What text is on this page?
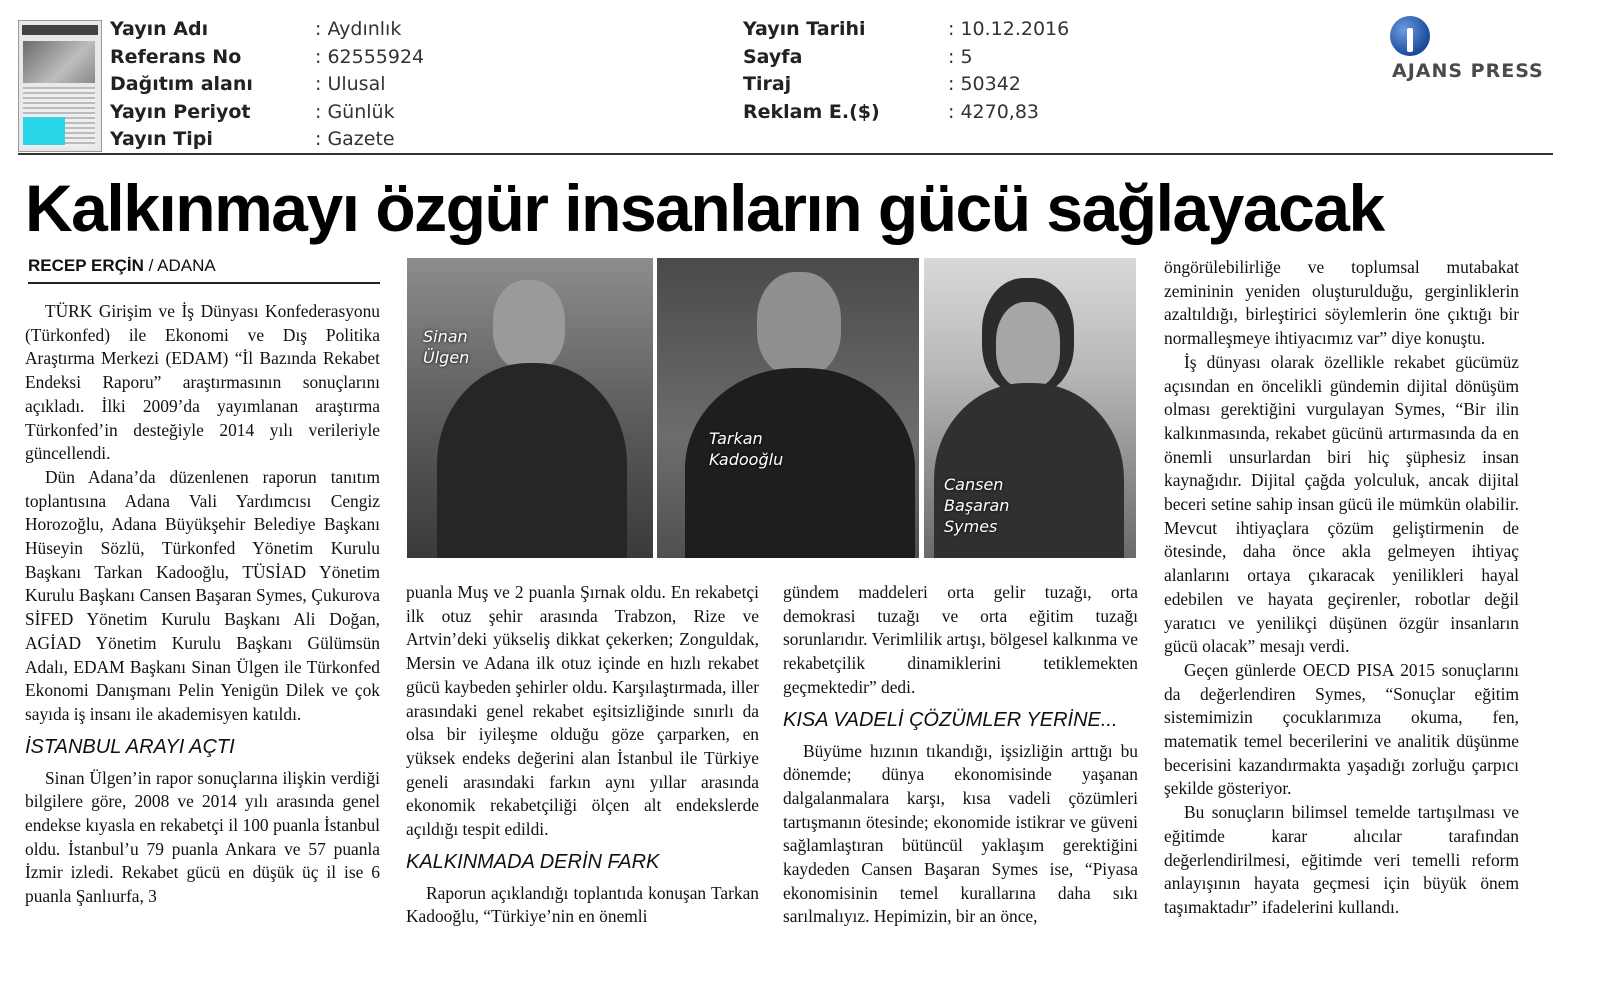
Yayın Adı	: Aydınlık
Referans No	: 62555924
Dağıtım alanı	: Ulusal
Yayın Periyot	: Günlük
Yayın Tipi	: Gazete
Yayın Tarihi	: 10.12.2016
Sayfa	: 5
Tiraj	: 50342
Reklam E.($)	: 4270,83
AJANS PRESS
Kalkınmayı özgür insanların gücü sağlayacak
RECEP ERÇİN / ADANA

TÜRK Girişim ve İş Dünyası Konfederasyonu (Türkonfed) ile Ekonomi ve Dış Politika Araştırma Merkezi (EDAM) “İl Bazında Rekabet Endeksi Raporu” araştırmasının sonuçlarını açıkladı. İlki 2009’da yayımlanan araştırma Türkonfed’in desteğiyle 2014 yılı verileriyle güncellendi.

Dün Adana’da düzenlenen raporun tanıtım toplantısına Adana Vali Yardımcısı Cengiz Horozoğlu, Adana Büyükşehir Belediye Başkanı Hüseyin Sözlü, Türkonfed Yönetim Kurulu Başkanı Tarkan Kadooğlu, TÜSİAD Yönetim Kurulu Başkanı Cansen Başaran Symes, Çukurova SİFED Yönetim Kurulu Başkanı Ali Doğan, AGİAD Yönetim Kurulu Başkanı Gülümsün Adalı, EDAM Başkanı Sinan Ülgen ile Türkonfed Ekonomi Danışmanı Pelin Yenigün Dilek ve çok sayıda iş insanı ile akademisyen katıldı.

İSTANBUL ARAYI AÇTI

Sinan Ülgen’in rapor sonuçlarına ilişkin verdiği bilgilere göre, 2008 ve 2014 yılı arasında genel endekse kıyasla en rekabetçi il 100 puanla İstanbul oldu. İstanbul’u 79 puanla Ankara ve 57 puanla İzmir izledi. Rekabet gücü en düşük üç il ise 6 puanla Şanlıurfa, 3

Sinan
Ülgen
Tarkan
Kadooğlu
Cansen
Başaran
Symes

puanla Muş ve 2 puanla Şırnak oldu. En rekabetçi ilk otuz şehir arasında Trabzon, Rize ve Artvin’deki yükseliş dikkat çekerken; Zonguldak, Mersin ve Adana ilk otuz içinde en hızlı rekabet gücü kaybeden şehirler oldu. Karşılaştırmada, iller arasındaki genel rekabet eşitsizliğinde sınırlı da olsa bir iyileşme olduğu göze çarparken, en yüksek endeks değerini alan İstanbul ile Türkiye geneli arasındaki farkın aynı yıllar arasında ekonomik rekabetçiliği ölçen alt endekslerde açıldığı tespit edildi.

KALKINMADA DERİN FARK

Raporun açıklandığı toplantıda konuşan Tarkan Kadooğlu, “Türkiye’nin en önemli

gündem maddeleri orta gelir tuzağı, orta demokrasi tuzağı ve orta eğitim tuzağı sorunlarıdır. Verimlilik artışı, bölgesel kalkınma ve rekabetçilik dinamiklerini tetiklemekten geçmektedir” dedi.

KISA VADELİ ÇÖZÜMLER YERİNE...

Büyüme hızının tıkandığı, işsizliğin arttığı bu dönemde; dünya ekonomisinde yaşanan dalgalanmalara karşı, kısa vadeli çözümleri tartışmanın ötesinde; ekonomide istikrar ve güveni sağlamlaştıran bütüncül yaklaşım gerektiğini kaydeden Cansen Başaran Symes ise, “Piyasa ekonomisinin temel kurallarına daha sıkı sarılmalıyız. Hepimizin, bir an önce,

öngörülebilirliğe ve toplumsal mutabakat zemininin yeniden oluşturulduğu, gerginliklerin azaltıldığı, birleştirici söylemlerin öne çıktığı bir normalleşmeye ihtiyacımız var” diye konuştu.

İş dünyası olarak özellikle rekabet gücümüz açısından en öncelikli gündemin dijital dönüşüm olması gerektiğini vurgulayan Symes, “Bir ilin kalkınmasında, rekabet gücünü artırmasında da en önemli unsurlardan biri hiç şüphesiz insan kaynağıdır. Dijital çağda yolculuk, ancak dijital beceri setine sahip insan gücü ile mümkün olabilir. Mevcut ihtiyaçlara çözüm geliştirmenin de ötesinde, daha önce akla gelmeyen ihtiyaç alanlarını ortaya çıkaracak yenilikleri hayal edebilen ve hayata geçirenler, robotlar değil yaratıcı ve yenilikçi düşünen özgür insanların gücü olacak” mesajı verdi.

Geçen günlerde OECD PISA 2015 sonuçlarını da değerlendiren Symes, “Sonuçlar eğitim sistemimizin çocuklarımıza okuma, fen, matematik temel becerilerini ve analitik düşünme becerisini kazandırmakta yaşadığı zorluğu çarpıcı şekilde gösteriyor.

Bu sonuçların bilimsel temelde tartışılması ve eğitimde karar alıcılar tarafından değerlendirilmesi, eğitimde veri temelli reform anlayışının hayata geçmesi için büyük önem taşımaktadır” ifadelerini kullandı.
